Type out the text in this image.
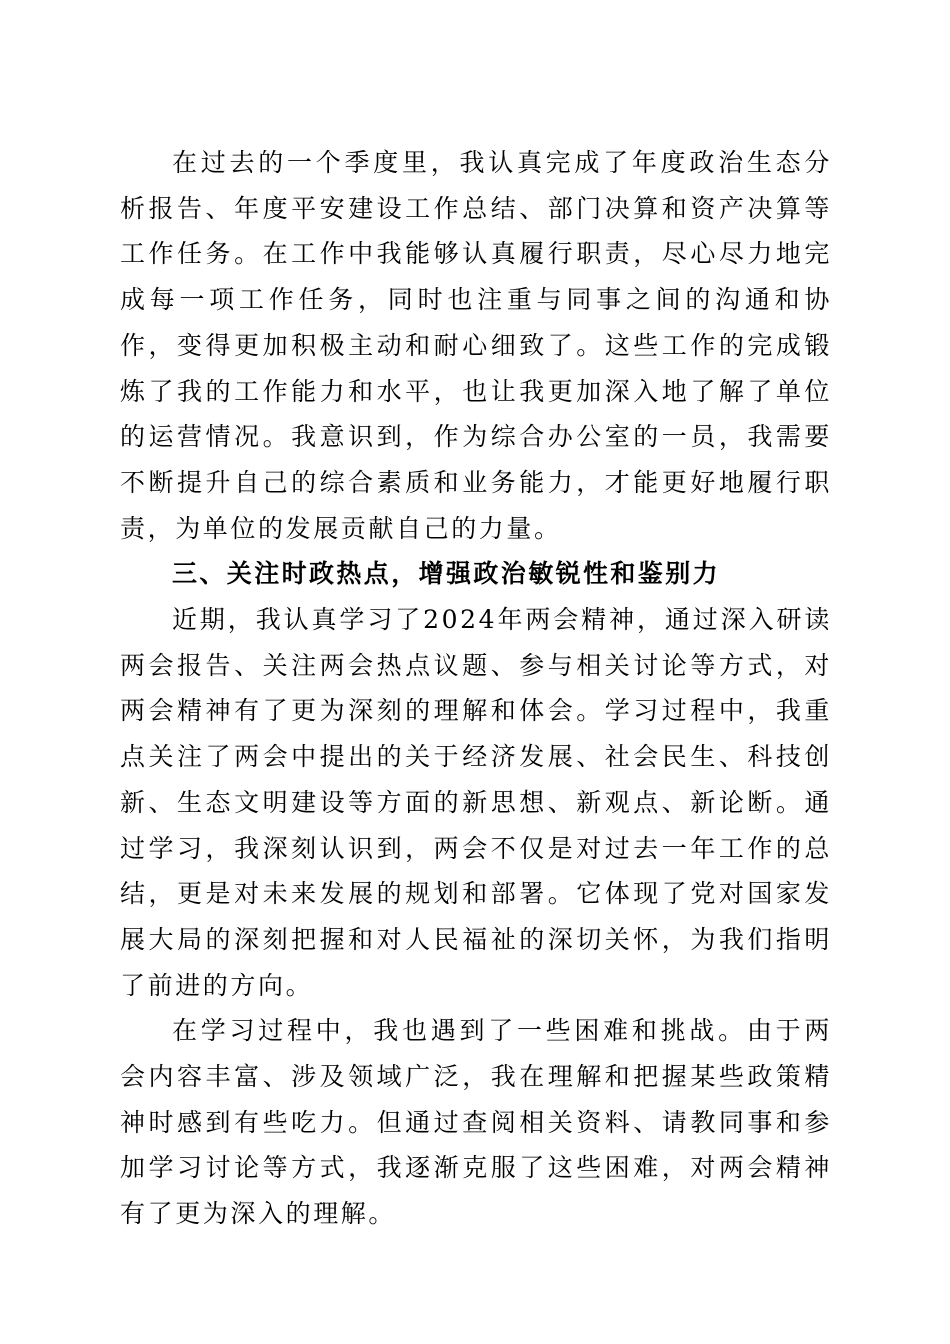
在过去的一个季度里，我认真完成了年度政治生态分析报告、年度平安建设工作总结、部门决算和资产决算等工作任务。在工作中我能够认真履行职责，尽心尽力地完成每一项工作任务，同时也注重与同事之间的沟通和协作，变得更加积极主动和耐心细致了。这些工作的完成锻炼了我的工作能力和水平，也让我更加深入地了解了单位的运营情况。我意识到，作为综合办公室的一员，我需要不断提升自己的综合素质和业务能力，才能更好地履行职责，为单位的发展贡献自己的力量。

三、关注时政热点，增强政治敏锐性和鉴别力

近期，我认真学习了2024年两会精神，通过深入研读两会报告、关注两会热点议题、参与相关讨论等方式，对两会精神有了更为深刻的理解和体会。学习过程中，我重点关注了两会中提出的关于经济发展、社会民生、科技创新、生态文明建设等方面的新思想、新观点、新论断。通过学习，我深刻认识到，两会不仅是对过去一年工作的总结，更是对未来发展的规划和部署。它体现了党对国家发展大局的深刻把握和对人民福祉的深切关怀，为我们指明了前进的方向。

在学习过程中，我也遇到了一些困难和挑战。由于两会内容丰富、涉及领域广泛，我在理解和把握某些政策精神时感到有些吃力。但通过查阅相关资料、请教同事和参加学习讨论等方式，我逐渐克服了这些困难，对两会精神有了更为深入的理解。
